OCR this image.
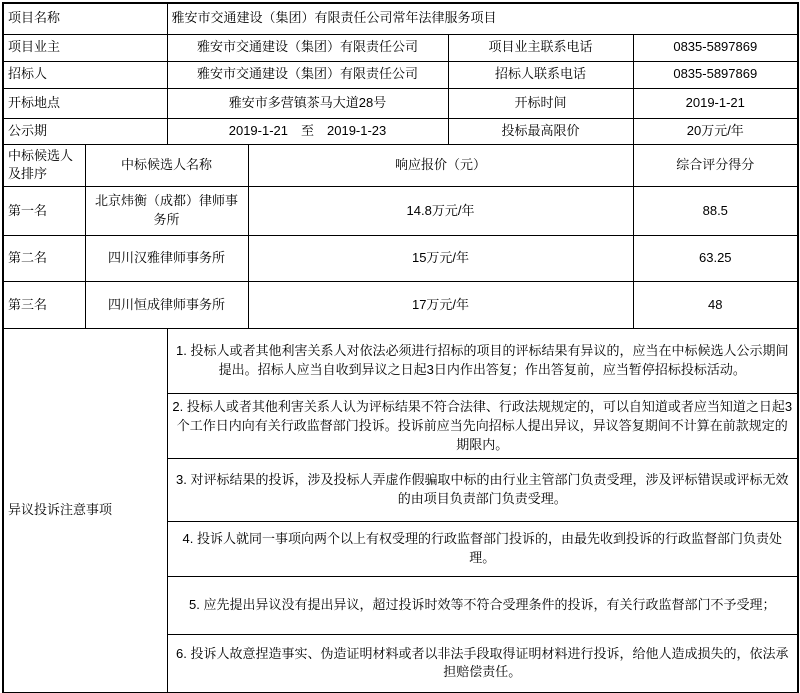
项目名称		雅安市交通建设（集团）有限责任公司常年法律服务项目			
项目业主		雅安市交通建设（集团）有限责任公司		项目业主联系电话	0835-5897869
招标人		雅安市交通建设（集团）有限责任公司		招标人联系电话	0835-5897869
开标地点		雅安市多营镇茶马大道28号		开标时间	2019-1-21
公示期		2019-1-21　至　2019-1-23		投标最高限价	20万元/年
中标候选人及排序	中标候选人名称		响应报价（元）		综合评分得分
第一名	北京炜衡（成都）律师事务所		14.8万元/年		88.5
第二名	四川汉雅律师事务所		15万元/年		63.25
第三名	四川恒成律师事务所		17万元/年		48
异议投诉注意事项		1. 投标人或者其他利害关系人对依法必须进行招标的项目的评标结果有异议的，应当在中标候选人公示期间提出。招标人应当自收到异议之日起3日内作出答复；作出答复前，应当暂停招标投标活动。			
		2. 投标人或者其他利害关系人认为评标结果不符合法律、行政法规规定的，可以自知道或者应当知道之日起3个工作日内向有关行政监督部门投诉。投诉前应当先向招标人提出异议，异议答复期间不计算在前款规定的期限内。			
		3. 对评标结果的投诉，涉及投标人弄虚作假骗取中标的由行业主管部门负责受理，涉及评标错误或评标无效的由项目负责部门负责受理。			
		4. 投诉人就同一事项向两个以上有权受理的行政监督部门投诉的，由最先收到投诉的行政监督部门负责处理。			
		5. 应先提出异议没有提出异议，超过投诉时效等不符合受理条件的投诉，有关行政监督部门不予受理；			
		6. 投诉人故意捏造事实、伪造证明材料或者以非法手段取得证明材料进行投诉，给他人造成损失的，依法承担赔偿责任。			
